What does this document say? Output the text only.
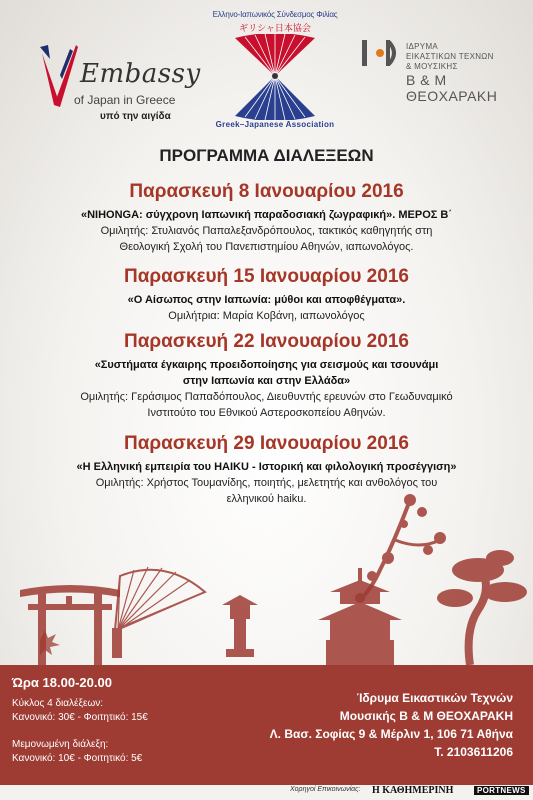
Embassy
of Japan in Greece
υπό την αιγίδα
Ελληνο-Ιαπωνικός Σύνδεσμος Φιλίας
ギリシャ日本協会
Greek–Japanese Association
ΙΔΡΥΜΑ
ΕΙΚΑΣΤΙΚΩΝ ΤΕΧΝΩΝ
& ΜΟΥΣΙΚΗΣ
Β & Μ
ΘΕΟΧΑΡΑΚΗ
ΠΡΟΓΡΑΜΜΑ ΔΙΑΛΕΞΕΩΝ
Παρασκευή 8 Ιανουαρίου 2016
«NIHONGA: σύγχρονη Ιαπωνική παραδοσιακή ζωγραφική». ΜΕΡΟΣ Β΄
Ομιλητής: Στυλιανός Παπαλεξανδρόπουλος, τακτικός καθηγητής στη
Θεολογική Σχολή του Πανεπιστημίου Αθηνών, ιαπωνολόγος.
Παρασκευή 15 Ιανουαρίου 2016
«Ο Αίσωπος στην Ιαπωνία: μύθοι και αποφθέγματα».
Ομιλήτρια: Μαρία Κοβάνη, ιαπωνολόγος
Παρασκευή 22 Ιανουαρίου 2016
«Συστήματα έγκαιρης προειδοποίησης για σεισμούς και τσουνάμι
στην Ιαπωνία και στην Ελλάδα»
Ομιλητής: Γεράσιμος Παπαδόπουλος, Διευθυντής ερευνών στο Γεωδυναμικό
Ινστιτούτο του Εθνικού Αστεροσκοπείου Αθηνών.
Παρασκευή 29 Ιανουαρίου 2016
«Η Ελληνική εμπειρία του HAIKU - Ιστορική και φιλολογική προσέγγιση»
Ομιλητής: Χρήστος Τουμανίδης, ποιητής, μελετητής και ανθολόγος του
ελληνικού haiku.
Ώρα 18.00-20.00
Κύκλος 4 διαλέξεων:
Κανονικό: 30€ - Φοιτητικό: 15€
Μεμονωμένη διάλεξη:
Κανονικό: 10€ - Φοιτητικό: 5€
Ίδρυμα Εικαστικών Τεχνών
Μουσικής Β & Μ ΘΕΟΧΑΡΑΚΗ
Λ. Βασ. Σοφίας 9 & Μέρλιν 1, 106 71 Αθήνα
Τ. 2103611206
Χορηγοί Επικοινωνίας: Η ΚΑΘΗΜΕΡΙΝΗ	PORTNEWS
